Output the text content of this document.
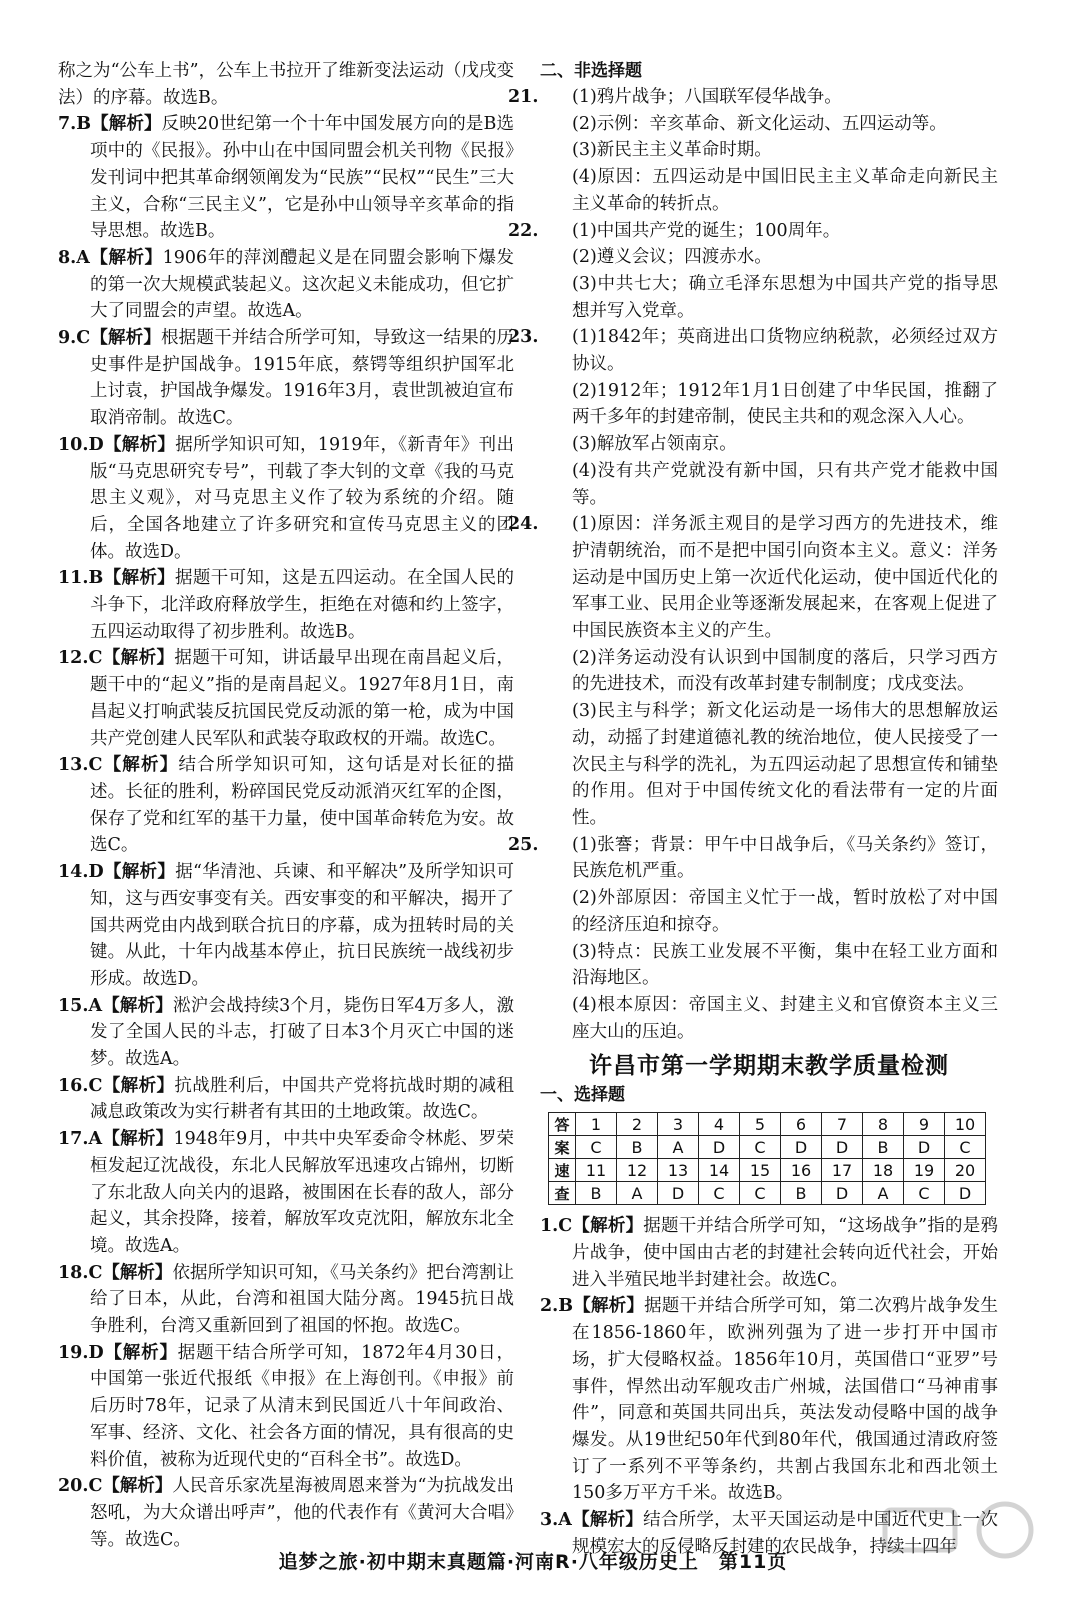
称之为“公车上书”，公车上书拉开了维新变法运动（戊戌变法）的序幕。故选B。

7.B【解析】反映20世纪第一个十年中国发展方向的是B选项中的《民报》。孙中山在中国同盟会机关刊物《民报》发刊词中把其革命纲领阐发为“民族”“民权”“民生”三大主义，合称“三民主义”，它是孙中山领导辛亥革命的指导思想。故选B。

8.A【解析】1906年的萍浏醴起义是在同盟会影响下爆发的第一次大规模武装起义。这次起义未能成功，但它扩大了同盟会的声望。故选A。

9.C【解析】根据题干并结合所学可知，导致这一结果的历史事件是护国战争。1915年底，蔡锷等组织护国军北上讨袁，护国战争爆发。1916年3月，袁世凯被迫宣布取消帝制。故选C。

10.D【解析】据所学知识可知，1919年，《新青年》刊出版“马克思研究专号”，刊载了李大钊的文章《我的马克思主义观》，对马克思主义作了较为系统的介绍。随后，全国各地建立了许多研究和宣传马克思主义的团体。故选D。

11.B【解析】据题干可知，这是五四运动。在全国人民的斗争下，北洋政府释放学生，拒绝在对德和约上签字，五四运动取得了初步胜利。故选B。

12.C【解析】据题干可知，讲话最早出现在南昌起义后，题干中的“起义”指的是南昌起义。1927年8月1日，南昌起义打响武装反抗国民党反动派的第一枪，成为中国共产党创建人民军队和武装夺取政权的开端。故选C。

13.C【解析】结合所学知识可知，这句话是对长征的描述。长征的胜利，粉碎国民党反动派消灭红军的企图，保存了党和红军的基干力量，使中国革命转危为安。故选C。

14.D【解析】据“华清池、兵谏、和平解决”及所学知识可知，这与西安事变有关。西安事变的和平解决，揭开了国共两党由内战到联合抗日的序幕，成为扭转时局的关键。从此，十年内战基本停止，抗日民族统一战线初步形成。故选D。

15.A【解析】淞沪会战持续3个月，毙伤日军4万多人，激发了全国人民的斗志，打破了日本3个月灭亡中国的迷梦。故选A。

16.C【解析】抗战胜利后，中国共产党将抗战时期的减租减息政策改为实行耕者有其田的土地政策。故选C。

17.A【解析】1948年9月，中共中央军委命令林彪、罗荣桓发起辽沈战役，东北人民解放军迅速攻占锦州，切断了东北敌人向关内的退路，被围困在长春的敌人，部分起义，其余投降，接着，解放军攻克沈阳，解放东北全境。故选A。

18.C【解析】依据所学知识可知，《马关条约》把台湾割让给了日本，从此，台湾和祖国大陆分离。1945抗日战争胜利，台湾又重新回到了祖国的怀抱。故选C。

19.D【解析】据题干结合所学可知，1872年4月30日，中国第一张近代报纸《申报》在上海创刊。《申报》前后历时78年，记录了从清末到民国近八十年间政治、军事、经济、文化、社会各方面的情况，具有很高的史料价值，被称为近现代史的“百科全书”。故选D。

20.C【解析】人民音乐家冼星海被周恩来誉为“为抗战发出怒吼，为大众谱出呼声”，他的代表作有《黄河大合唱》等。故选C。

二、非选择题

21. (1)鸦片战争；八国联军侵华战争。

(2)示例：辛亥革命、新文化运动、五四运动等。

(3)新民主主义革命时期。

(4)原因：五四运动是中国旧民主主义革命走向新民主主义革命的转折点。

22. (1)中国共产党的诞生；100周年。

(2)遵义会议；四渡赤水。

(3)中共七大；确立毛泽东思想为中国共产党的指导思想并写入党章。

23. (1)1842年；英商进出口货物应纳税款，必须经过双方协议。

(2)1912年；1912年1月1日创建了中华民国，推翻了两千多年的封建帝制，使民主共和的观念深入人心。

(3)解放军占领南京。

(4)没有共产党就没有新中国，只有共产党才能救中国等。

24. (1)原因：洋务派主观目的是学习西方的先进技术，维护清朝统治，而不是把中国引向资本主义。意义：洋务运动是中国历史上第一次近代化运动，使中国近代化的军事工业、民用企业等逐渐发展起来，在客观上促进了中国民族资本主义的产生。

(2)洋务运动没有认识到中国制度的落后，只学习西方的先进技术，而没有改革封建专制制度；戊戌变法。

(3)民主与科学；新文化运动是一场伟大的思想解放运动，动摇了封建道德礼教的统治地位，使人民接受了一次民主与科学的洗礼，为五四运动起了思想宣传和铺垫的作用。但对于中国传统文化的看法带有一定的片面性。

25. (1)张謇；背景：甲午中日战争后，《马关条约》签订，民族危机严重。

(2)外部原因：帝国主义忙于一战，暂时放松了对中国的经济压迫和掠夺。

(3)特点：民族工业发展不平衡，集中在轻工业方面和沿海地区。

(4)根本原因：帝国主义、封建主义和官僚资本主义三座大山的压迫。

许昌市第一学期期末教学质量检测

一、选择题

答	1	2	3	4	5	6	7	8	9	10
案	C	B	A	D	C	D	D	B	D	C
速	11	12	13	14	15	16	17	18	19	20
查	B	A	D	C	C	B	D	A	C	D

1.C【解析】据题干并结合所学可知，“这场战争”指的是鸦片战争，使中国由古老的封建社会转向近代社会，开始进入半殖民地半封建社会。故选C。

2.B【解析】据题干并结合所学可知，第二次鸦片战争发生在1856-1860年，欧洲列强为了进一步打开中国市场，扩大侵略权益。1856年10月，英国借口“亚罗”号事件，悍然出动军舰攻击广州城，法国借口“马神甫事件”，同意和英国共同出兵，英法发动侵略中国的战争爆发。从19世纪50年代到80年代，俄国通过清政府签订了一系列不平等条约，共割占我国东北和西北领土150多万平方千米。故选B。

3.A【解析】结合所学，太平天国运动是中国近代史上一次规模宏大的反侵略反封建的农民战争，持续十四年

追梦之旅·初中期末真题篇·河南R·八年级历史上　第11页
